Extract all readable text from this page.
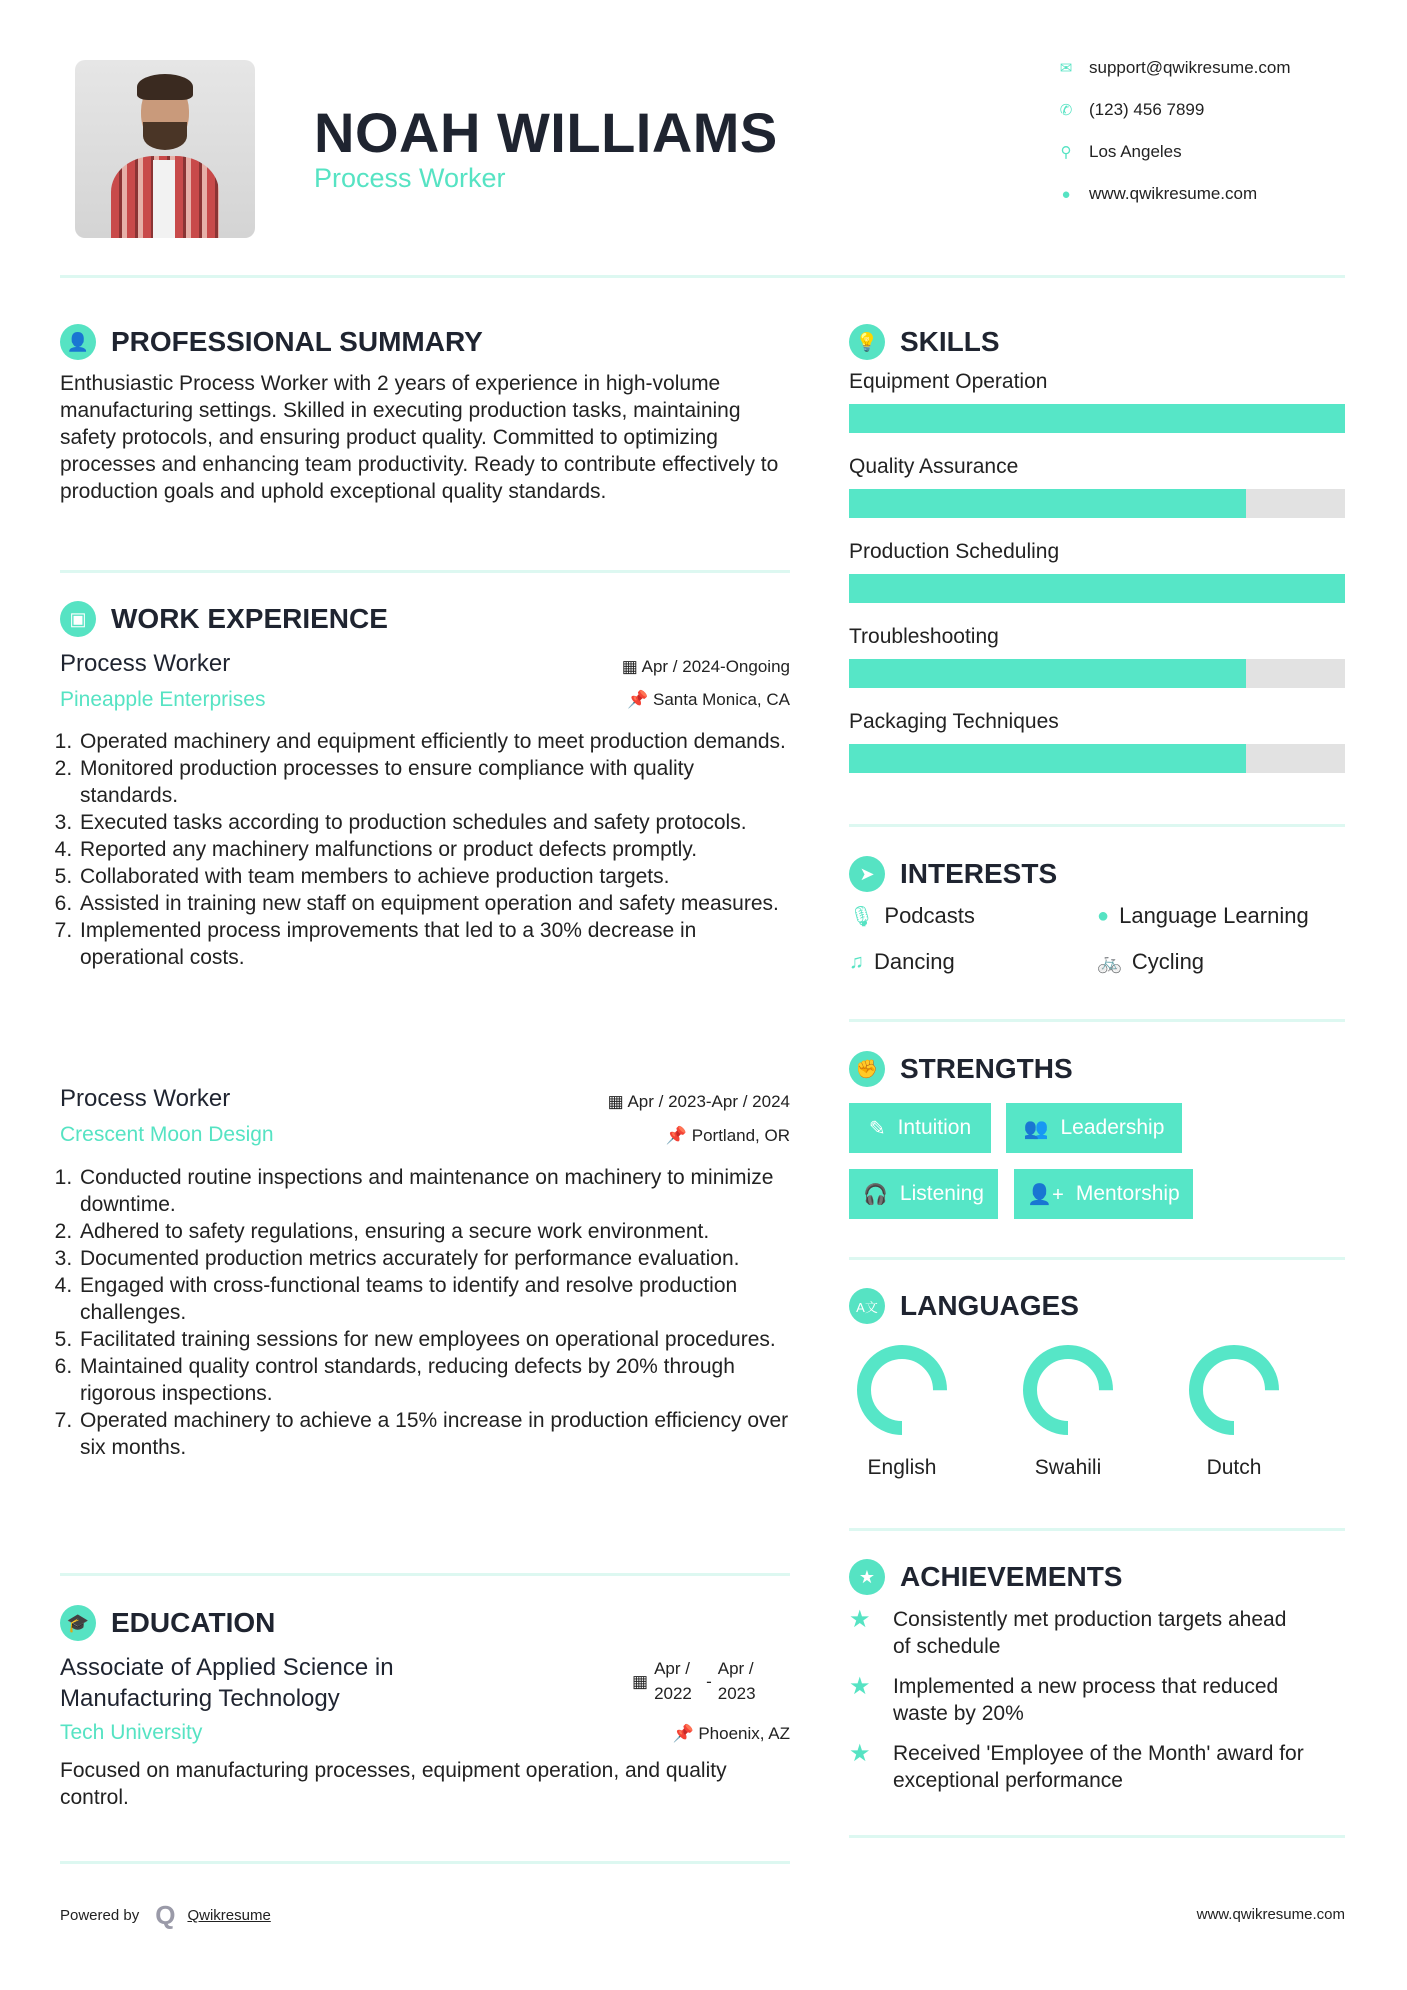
NOAH WILLIAMS
Process Worker
✉ support@qwikresume.com
✆ (123) 456 7899
⚲	Los Angeles
●	www.qwikresume.com
👤 PROFESSIONAL SUMMARY
Enthusiastic Process Worker with 2 years of experience in high-volume manufacturing settings. Skilled in executing production tasks, maintaining safety protocols, and ensuring product quality. Committed to optimizing processes and enhancing team productivity. Ready to contribute effectively to production goals and uphold exceptional quality standards.
▣ WORK EXPERIENCE
Process Worker	▦ Apr / 2024-Ongoing
Pineapple Enterprises	📌 Santa Monica, CA
1. Operated machinery and equipment efficiently to meet production demands.
2. Monitored production processes to ensure compliance with quality standards.
3. Executed tasks according to production schedules and safety protocols.
4. Reported any machinery malfunctions or product defects promptly.
5. Collaborated with team members to achieve production targets.
6. Assisted in training new staff on equipment operation and safety measures.
7. Implemented process improvements that led to a 30% decrease in operational costs.
Process Worker	▦ Apr / 2023-Apr / 2024
Crescent Moon Design	📌 Portland, OR
1. Conducted routine inspections and maintenance on machinery to minimize downtime.
2. Adhered to safety regulations, ensuring a secure work environment.
3. Documented production metrics accurately for performance evaluation.
4. Engaged with cross-functional teams to identify and resolve production challenges.
5. Facilitated training sessions for new employees on operational procedures.
6. Maintained quality control standards, reducing defects by 20% through rigorous inspections.
7. Operated machinery to achieve a 15% increase in production efficiency over six months.
🎓 EDUCATION
Associate of Applied Science in Manufacturing Technology
▦
Apr / 2022
-
Apr / 2023
Tech University	📌 Phoenix, AZ
Focused on manufacturing processes, equipment operation, and quality control.
Powered by Q Qwikresume	www.qwikresume.com
💡 SKILLS
Equipment Operation
Quality Assurance
Production Scheduling
Troubleshooting
Packaging Techniques
➤ INTERESTS
🎙 Podcasts	● Language Learning
♫ Dancing	🚲 Cycling
✊ STRENGTHS
✎ Intuition	👥 Leadership
🎧 Listening 👤+ Mentorship
A文 LANGUAGES
English	Swahili	Dutch
★ ACHIEVEMENTS
★	Consistently met production targets ahead of schedule
★	Implemented a new process that reduced waste by 20%
★	Received 'Employee of the Month' award for exceptional performance
